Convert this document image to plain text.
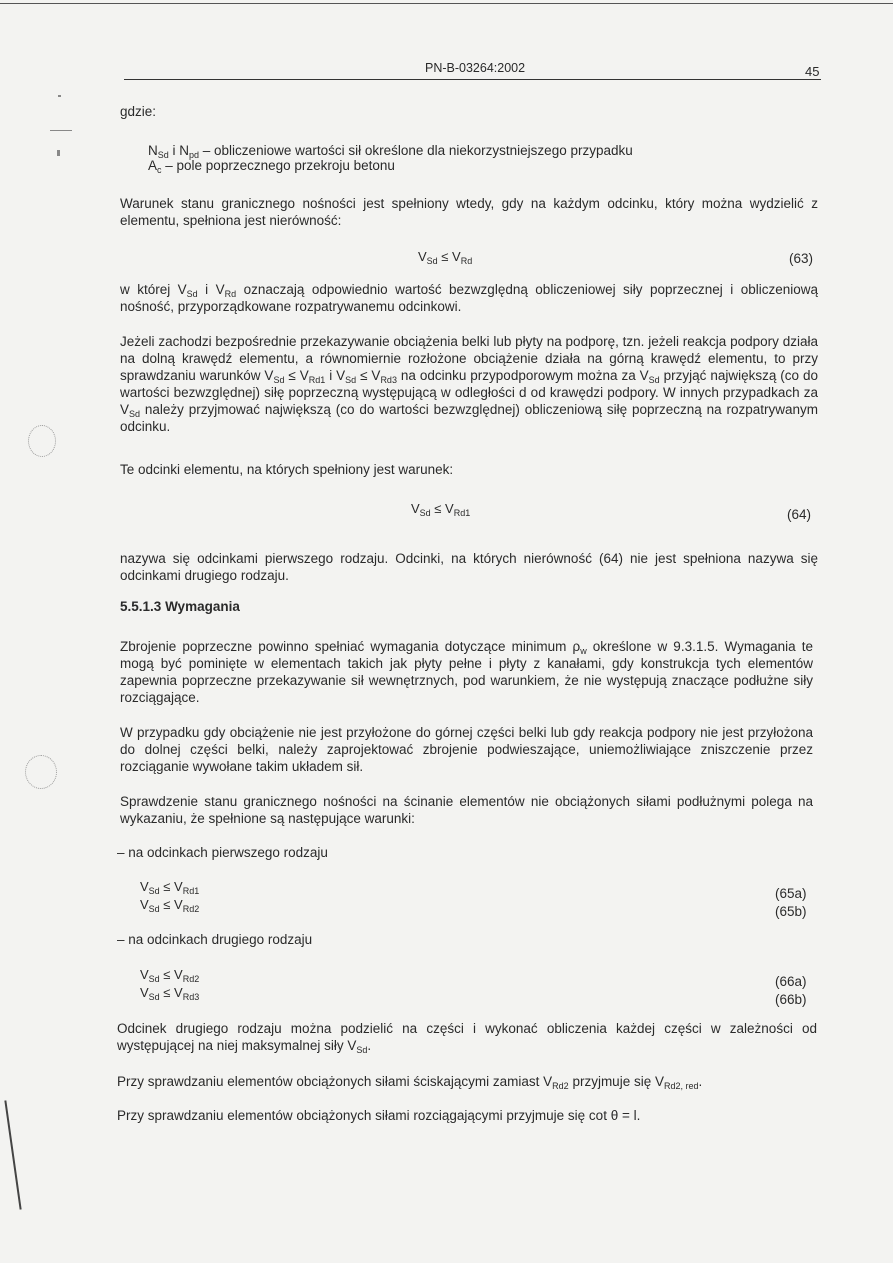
PN-B-03264:2002	45
gdzie:
$N_{Sd}$ i $N_{pd}$ – obliczeniowe wartości sił określone dla niekorzystniejszego przypadku
$A_c$ – pole poprzecznego przekroju betonu
Warunek stanu granicznego nośności jest spełniony wtedy, gdy na każdym odcinku, który można wydzielić z elementu, spełniona jest nierówność:
$V_{Sd} \le V_{Rd}$	(63)
w której $V_{Sd}$ i $V_{Rd}$ oznaczają odpowiednio wartość bezwzględną obliczeniowej siły poprzecznej i obliczeniową nośność, przyporządkowane rozpatrywanemu odcinkowi.
Jeżeli zachodzi bezpośrednie przekazywanie obciążenia belki lub płyty na podporę, tzn. jeżeli reakcja podpory działa na dolną krawędź elementu, a równomiernie rozłożone obciążenie działa na górną krawędź elementu, to przy sprawdzaniu warunków $V_{Sd} \le V_{Rd1}$ i $V_{Sd} \le V_{Rd3}$ na odcinku przypodporowym można za $V_{Sd}$ przyjąć największą (co do wartości bezwzględnej) siłę poprzeczną występującą w odległości d od krawędzi podpory. W innych przypadkach za $V_{Sd}$ należy przyjmować największą (co do wartości bezwzględnej) obliczeniową siłę poprzeczną na rozpatrywanym odcinku.
Te odcinki elementu, na których spełniony jest warunek:
$V_{Sd} \le V_{Rd1}$	(64)
nazywa się odcinkami pierwszego rodzaju. Odcinki, na których nierówność (64) nie jest spełniona nazywa się odcinkami drugiego rodzaju.
5.5.1.3 Wymagania
Zbrojenie poprzeczne powinno spełniać wymagania dotyczące minimum $\rho_w$ określone w 9.3.1.5. Wymagania te mogą być pominięte w elementach takich jak płyty pełne i płyty z kanałami, gdy konstrukcja tych elementów zapewnia poprzeczne przekazywanie sił wewnętrznych, pod warunkiem, że nie występują znaczące podłużne siły rozciągające.
W przypadku gdy obciążenie nie jest przyłożone do górnej części belki lub gdy reakcja podpory nie jest przyłożona do dolnej części belki, należy zaprojektować zbrojenie podwieszające, uniemożliwiające zniszczenie przez rozciąganie wywołane takim układem sił.
Sprawdzenie stanu granicznego nośności na ścinanie elementów nie obciążonych siłami podłużnymi polega na wykazaniu, że spełnione są następujące warunki:
– na odcinkach pierwszego rodzaju
$V_{Sd} \le V_{Rd1}$	(65a)
$V_{Sd} \le V_{Rd2}$	(65b)
– na odcinkach drugiego rodzaju
$V_{Sd} \le V_{Rd2}$	(66a)
$V_{Sd} \le V_{Rd3}$	(66b)
Odcinek drugiego rodzaju można podzielić na części i wykonać obliczenia każdej części w zależności od występującej na niej maksymalnej siły $V_{Sd}$.
Przy sprawdzaniu elementów obciążonych siłami ściskającymi zamiast $V_{Rd2}$ przyjmuje się $V_{Rd2, red}$.
Przy sprawdzaniu elementów obciążonych siłami rozciągającymi przyjmuje się cot θ = l.
